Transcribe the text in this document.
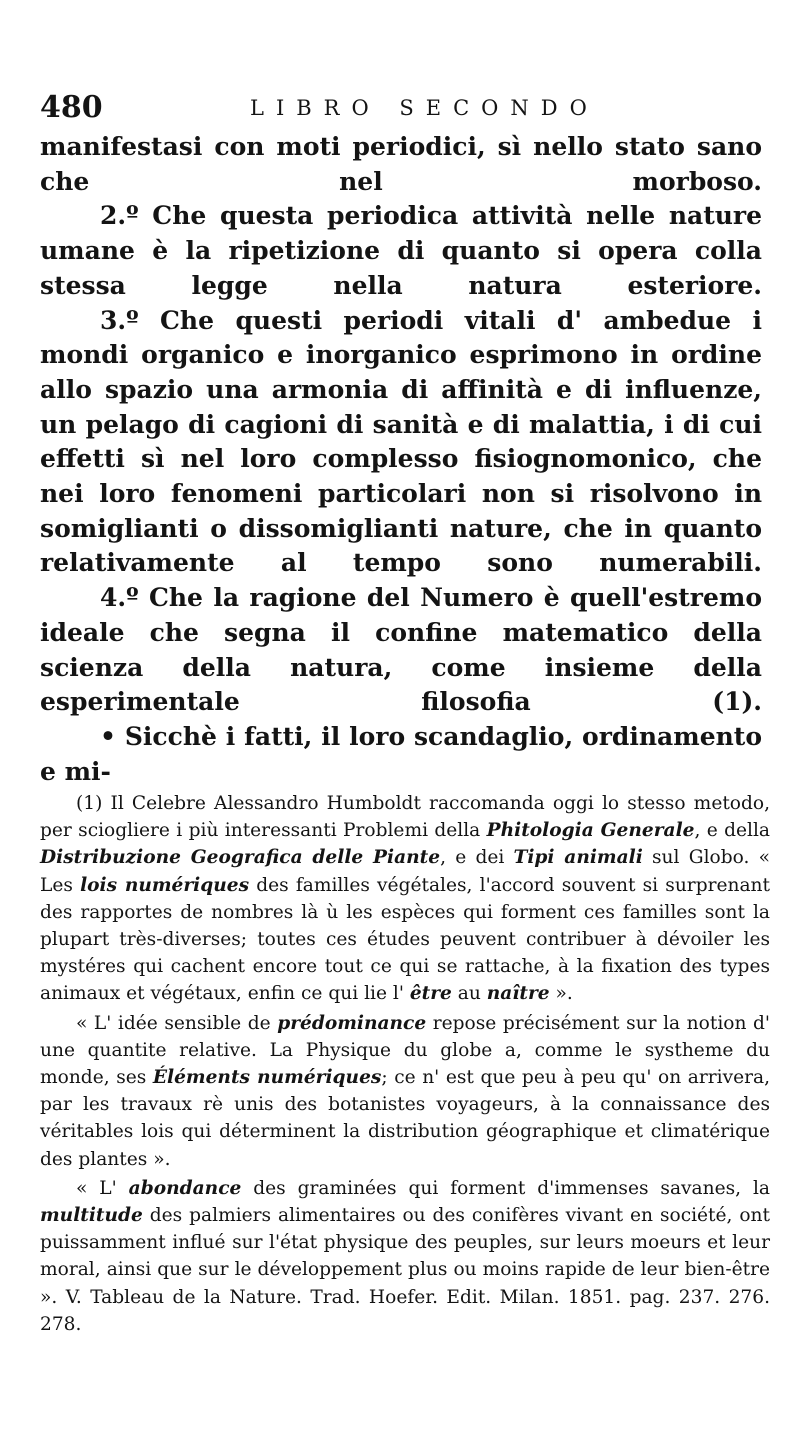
480	LIBRO SECONDO

manifestasi con moti periodici, sì nello stato sano che nel morboso.

2.º Che questa periodica attività nelle nature umane è la ripetizione di quanto si opera colla stessa legge nella natura esteriore.

3.º Che questi periodi vitali d' ambedue i mondi organico e inorganico esprimono in ordine allo spazio una armonia di affinità e di influenze, un pelago di cagioni di sanità e di malattia, i di cui effetti sì nel loro complesso fisiognomonico, che nei loro fenomeni particolari non si risolvono in somiglianti o dissomiglianti nature, che in quanto relativamente al tempo sono numerabili.

4.º Che la ragione del Numero è quell'estremo ideale che segna il confine matematico della scienza della natura, come insieme della esperimentale filosofia (1).

• Sicchè i fatti, il loro scandaglio, ordinamento e mi-

(1) Il Celebre Alessandro Humboldt raccomanda oggi lo stesso metodo, per sciogliere i più interessanti Problemi della Phitologia Generale, e della Distribuzione Geografica delle Piante, e dei Tipi animali sul Globo. « Les lois numériques des familles végétales, l'accord souvent si surprenant des rapportes de nombres là ù les espèces qui forment ces familles sont la plupart très-diverses; toutes ces études peuvent contribuer à dévoiler les mystéres qui cachent encore tout ce qui se rattache, à la fixation des types animaux et végétaux, enfin ce qui lie l' être au naître ».

« L' idée sensible de prédominance repose précisément sur la notion d' une quantite relative. La Physique du globe a, comme le systheme du monde, ses Éléments numériques; ce n' est que peu à peu qu' on arrivera, par les travaux rè unis des botanistes voyageurs, à la connaissance des véritables lois qui déterminent la distribution géographique et climatérique des plantes ».

« L' abondance des graminées qui forment d'immenses savanes, la multitude des palmiers alimentaires ou des conifères vivant en société, ont puissamment influé sur l'état physique des peuples, sur leurs moeurs et leur moral, ainsi que sur le développement plus ou moins rapide de leur bien-être ». V. Tableau de la Nature. Trad. Hoefer. Edit. Milan. 1851. pag. 237. 276. 278.
